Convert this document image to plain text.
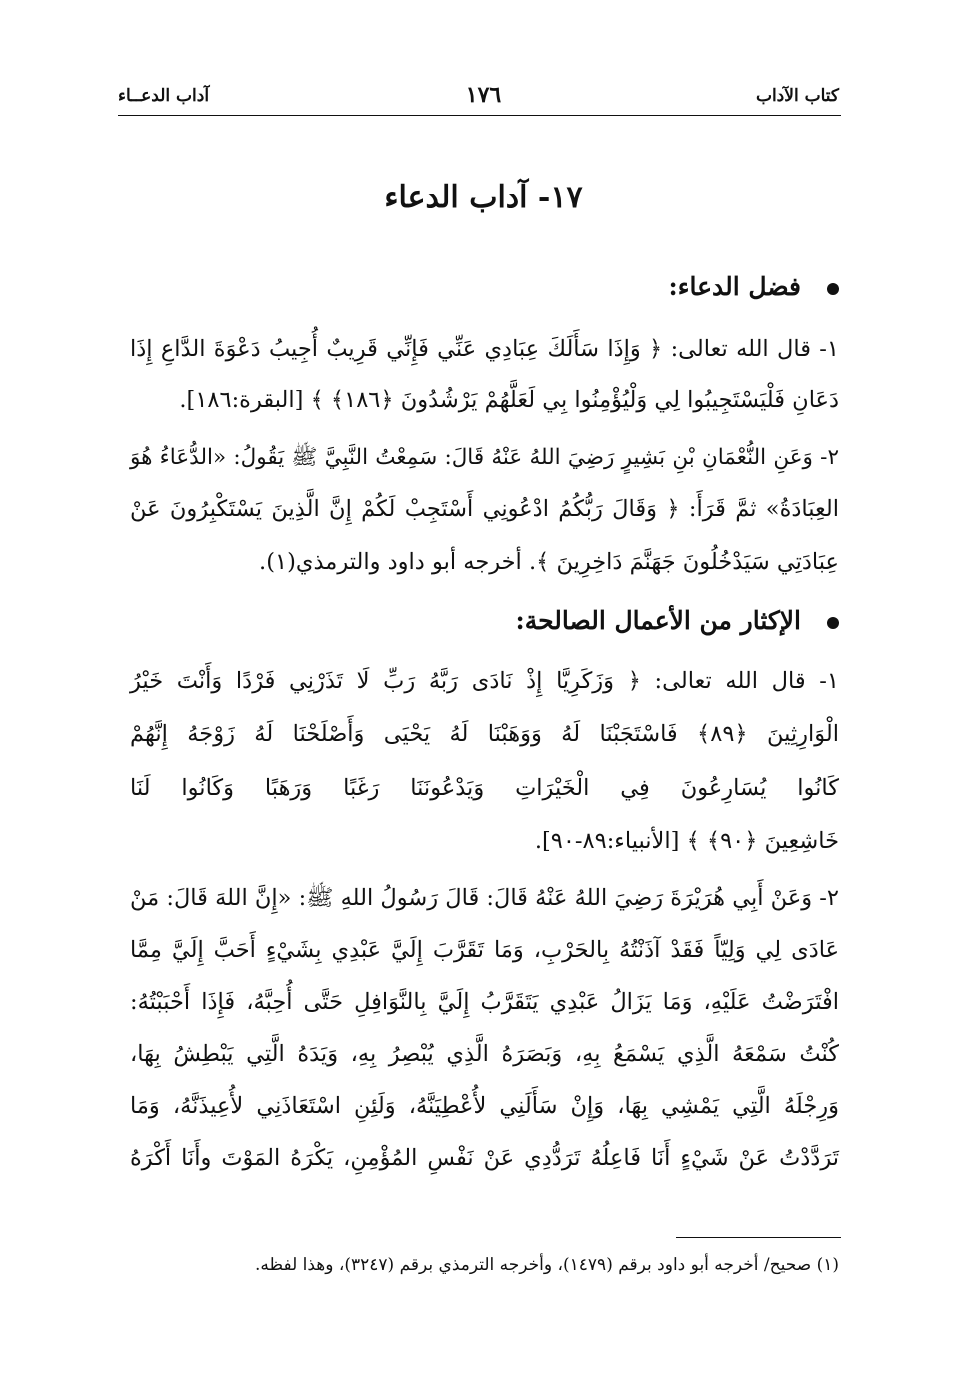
كتاب الآداب
١٧٦
آداب الدعــاء
١٧- آداب الدعاء
فضل الدعاء:
١- قال الله تعالى: ﴿ وَإِذَا سَأَلَكَ عِبَادِي عَنِّي فَإِنِّي قَرِيبٌ أُجِيبُ دَعْوَةَ الدَّاعِ إِذَا
دَعَانِ فَلْيَسْتَجِيبُوا لِي وَلْيُؤْمِنُوا بِي لَعَلَّهُمْ يَرْشُدُونَ ﴿١٨٦﴾ ﴾ [البقرة:١٨٦].
٢- وَعَنِ النُّعْمَانِ بْنِ بَشِيرٍ رَضِيَ اللهُ عَنْهُ قَالَ: سَمِعْتُ النَّبِيَّ ﷺ يَقُولُ: «الدُّعَاءُ هُوَ
العِبَادَةُ» ثمَّ قَرَأَ: ﴿ وَقَالَ رَبُّكُمُ ادْعُونِي أَسْتَجِبْ لَكُمْ إِنَّ الَّذِينَ يَسْتَكْبِرُونَ عَنْ
عِبَادَتِي سَيَدْخُلُونَ جَهَنَّمَ دَاخِرِينَ ﴾. أخرجه أبو داود والترمذي(١).
الإكثار من الأعمال الصالحة:
١- قال الله تعالى: ﴿ وَزَكَرِيَّا إِذْ نَادَى رَبَّهُ رَبِّ لَا تَذَرْنِي فَرْدًا وَأَنْتَ خَيْرُ
الْوَارِثِينَ ﴿٨٩﴾ فَاسْتَجَبْنَا لَهُ وَوَهَبْنَا لَهُ يَحْيَى وَأَصْلَحْنَا لَهُ زَوْجَهُ إِنَّهُمْ
كَانُوا يُسَارِعُونَ فِي الْخَيْرَاتِ وَيَدْعُونَنَا رَغَبًا وَرَهَبًا وَكَانُوا لَنَا
خَاشِعِينَ ﴿٩٠﴾ ﴾ [الأنبياء:٨٩-٩٠].
٢- وَعَنْ أَبِي هُرَيْرَةَ رَضِيَ اللهُ عَنْهُ قَالَ: قَالَ رَسُولُ اللهِ ﷺ: «إِنَّ اللهَ قَالَ: مَنْ
عَادَى لِي وَلِيّاً فَقَدْ آذَنْتُهُ بِالحَرْبِ، وَمَا تَقَرَّبَ إِلَيَّ عَبْدِي بِشَيْءٍ أَحَبَّ إِلَيَّ مِمَّا
افْتَرَضْتُ عَلَيْهِ، وَمَا يَزَالُ عَبْدِي يَتَقَرَّبُ إِلَيَّ بِالنَّوَافِلِ حَتَّى أُحِبَّهُ، فَإِذَا أَحْبَبْتُهُ:
كُنْتُ سَمْعَهُ الَّذِي يَسْمَعُ بِهِ، وَبَصَرَهُ الَّذِي يُبْصِرُ بِهِ، وَيَدَهُ الَّتِي يَبْطِشُ بِهَا،
وَرِجْلَهُ الَّتِي يَمْشِي بِهَا، وَإِنْ سَأَلَنِي لأُعْطِيَنَّهُ، وَلَئِنِ اسْتَعَاذَنِي لأُعِيذَنَّهُ، وَمَا
تَرَدَّدْتُ عَنْ شَيْءٍ أَنَا فَاعِلُهُ تَرَدُّدِي عَنْ نَفْسِ المُؤْمِنِ، يَكْرَهُ المَوْتَ وأَنَا أَكْرَهُ
(١) صحيح/ أخرجه أبو داود برقم (١٤٧٩)، وأخرجه الترمذي برقم (٣٢٤٧)، وهذا لفظه.
